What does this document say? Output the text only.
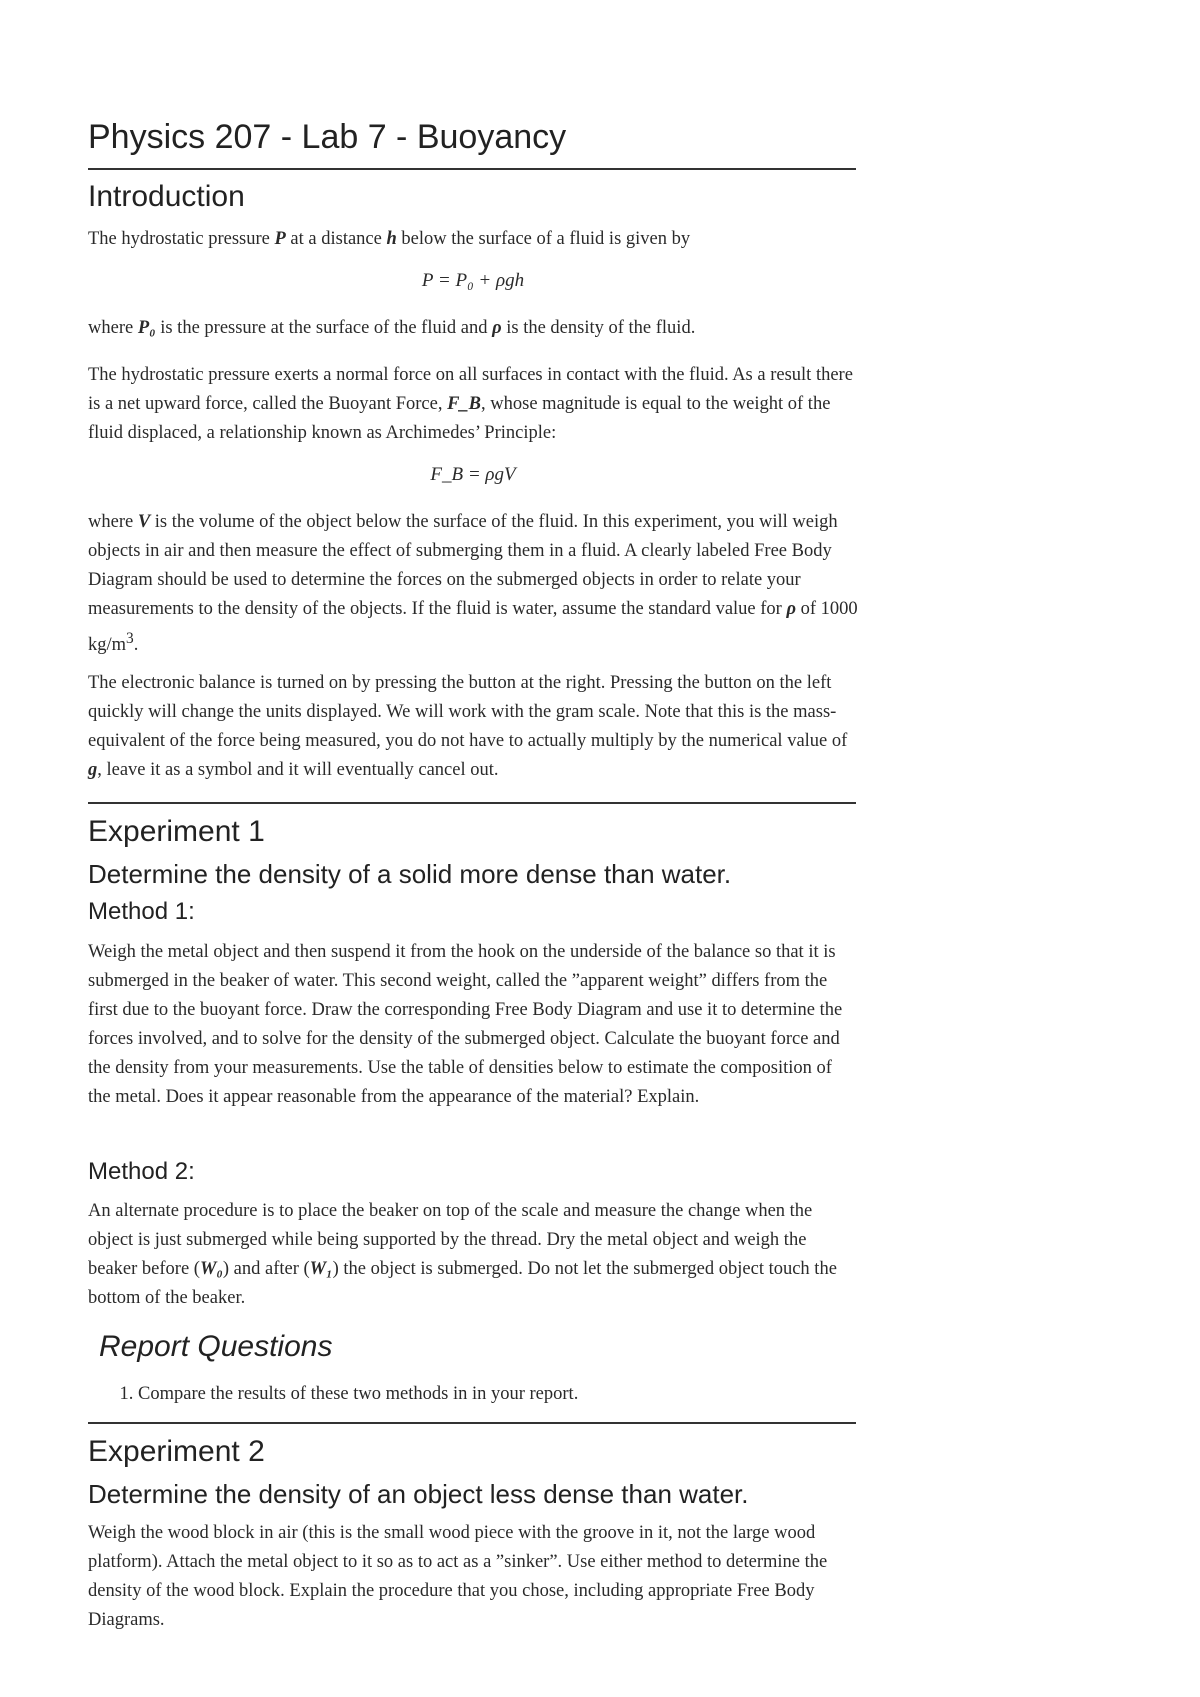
Physics 207 - Lab 7 - Buoyancy
Introduction

The hydrostatic pressure P at a distance h below the surface of a fluid is given by

P = P₀ + ρgh

where P₀ is the pressure at the surface of the fluid and ρ is the density of the fluid.

The hydrostatic pressure exerts a normal force on all surfaces in contact with the fluid. As a result there is a net upward force, called the Buoyant Force, F_B, whose magnitude is equal to the weight of the fluid displaced, a relationship known as Archimedes’ Principle:

F_B = ρgV

where V is the volume of the object below the surface of the fluid. In this experiment, you will weigh objects in air and then measure the effect of submerging them in a fluid. A clearly labeled Free Body Diagram should be used to determine the forces on the submerged objects in order to relate your measurements to the density of the objects. If the fluid is water, assume the standard value for ρ of 1000 $kg/m^3$.

The electronic balance is turned on by pressing the button at the right. Pressing the button on the left quickly will change the units displayed. We will work with the gram scale. Note that this is the mass-equivalent of the force being measured, you do not have to actually multiply by the numerical value of g, leave it as a symbol and it will eventually cancel out.

Experiment 1
Determine the density of a solid more dense than water.
Method 1:

Weigh the metal object and then suspend it from the hook on the underside of the balance so that it is submerged in the beaker of water. This second weight, called the ”apparent weight” differs from the first due to the buoyant force. Draw the corresponding Free Body Diagram and use it to determine the forces involved, and to solve for the density of the submerged object. Calculate the buoyant force and the density from your measurements. Use the table of densities below to estimate the composition of the metal. Does it appear reasonable from the appearance of the material? Explain.

Method 2:

An alternate procedure is to place the beaker on top of the scale and measure the change when the object is just submerged while being supported by the thread. Dry the metal object and weigh the beaker before (W₀) and after (W₁) the object is submerged. Do not let the submerged object touch the bottom of the beaker.

Report Questions
1. Compare the results of these two methods in in your report.
Experiment 2
Determine the density of an object less dense than water.

Weigh the wood block in air (this is the small wood piece with the groove in it, not the large wood platform). Attach the metal object to it so as to act as a ”sinker”. Use either method to determine the density of the wood block. Explain the procedure that you chose, including appropriate Free Body Diagrams.
